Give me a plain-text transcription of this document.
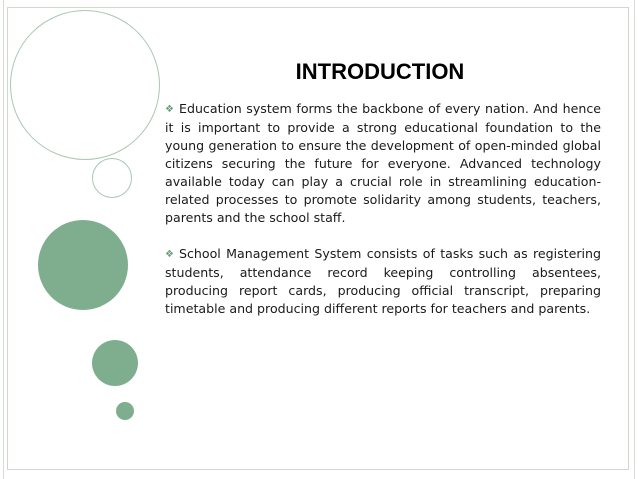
INTRODUCTION

❖ Education system forms the backbone of every nation. And hence it is important to provide a strong educational foundation to the young generation to ensure the development of open-minded global citizens securing the future for everyone. Advanced technology available today can play a crucial role in streamlining education-related processes to promote solidarity among students, teachers, parents and the school staff.

❖ School Management System consists of tasks such as registering students, attendance record keeping controlling absentees, producing report cards, producing official transcript, preparing timetable and producing different reports for teachers and parents.
